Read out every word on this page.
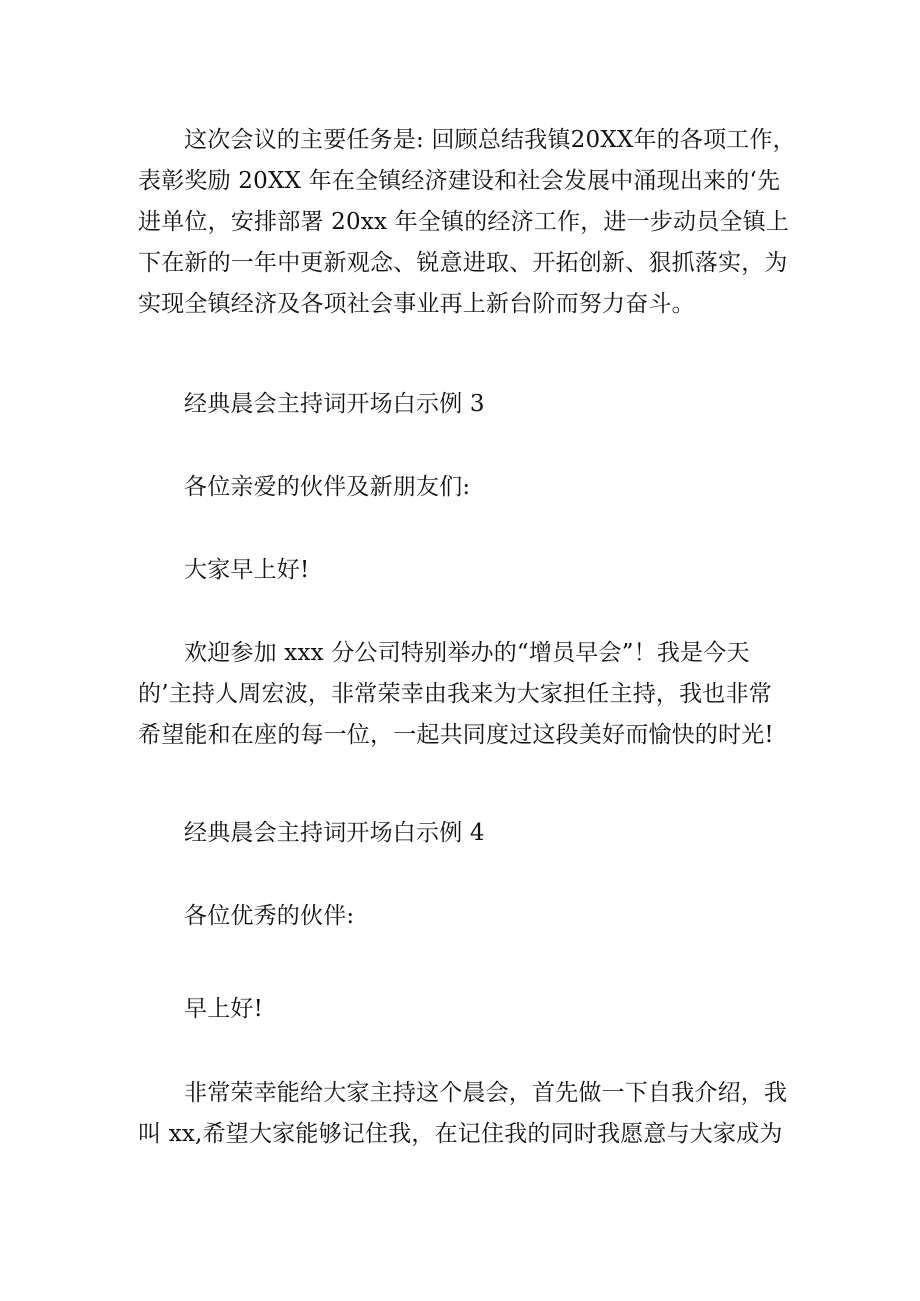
这次会议的主要任务是: 回顾总结我镇20XX年的各项工作，
表彰奖励 20XX 年在全镇经济建设和社会发展中涌现出来的‘先
进单位，安排部署 20xx 年全镇的经济工作，进一步动员全镇上
下在新的一年中更新观念、锐意进取、开拓创新、狠抓落实，为
实现全镇经济及各项社会事业再上新台阶而努力奋斗。
经典晨会主持词开场白示例 3
各位亲爱的伙伴及新朋友们:
大家早上好!
欢迎参加 xxx 分公司特别举办的“增员早会”！我是今天
的’主持人周宏波，非常荣幸由我来为大家担任主持，我也非常
希望能和在座的每一位，一起共同度过这段美好而愉快的时光!
经典晨会主持词开场白示例 4
各位优秀的伙伴:
早上好!
非常荣幸能给大家主持这个晨会，首先做一下自我介绍，我
叫 xx,希望大家能够记住我，在记住我的同时我愿意与大家成为
